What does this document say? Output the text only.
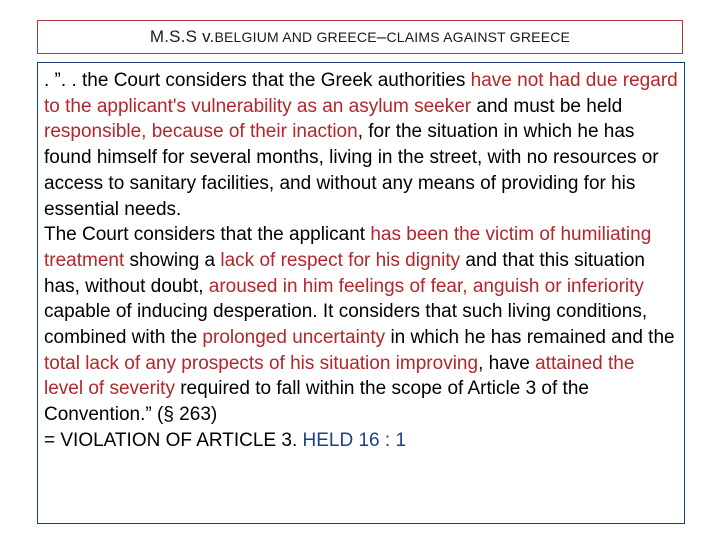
M.S.S v. BELGIUM AND GREECE – CLAIMS AGAINST GREECE

. ”. . the Court considers that the Greek authorities have not had due regard to the applicant's vulnerability as an asylum seeker and must be held responsible, because of their inaction, for the situation in which he has found himself for several months, living in the street, with no resources or access to sanitary facilities, and without any means of providing for his essential needs.

The Court considers that the applicant has been the victim of humiliating treatment showing a lack of respect for his dignity and that this situation has, without doubt, aroused in him feelings of fear, anguish or inferiority capable of inducing desperation. It considers that such living conditions, combined with the prolonged uncertainty in which he has remained and the total lack of any prospects of his situation improving, have attained the level of severity required to fall within the scope of Article 3 of the Convention.” (§ 263)

= VIOLATION OF ARTICLE 3. HELD 16 : 1
